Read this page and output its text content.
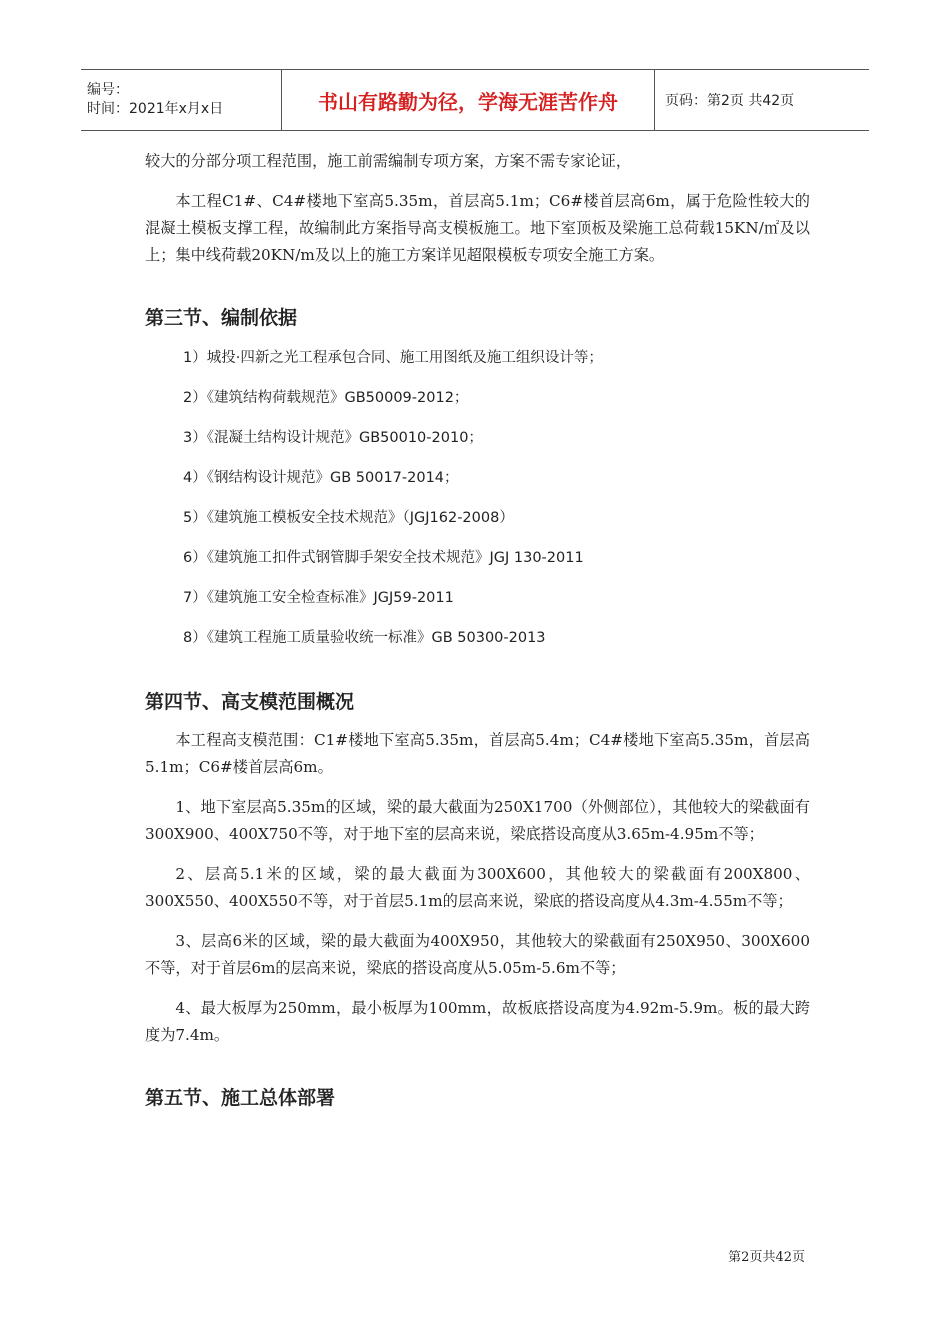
编号：
时间：2021年x月x日	书山有路勤为径，学海无涯苦作舟	页码：第2页 共42页

较大的分部分项工程范围，施工前需编制专项方案，方案不需专家论证，

本工程C1#、C4#楼地下室高5.35m，首层高5.1m；C6#楼首层高6m，属于危险性较大的混凝土模板支撑工程，故编制此方案指导高支模板施工。地下室顶板及梁施工总荷载15KN/㎡及以上；集中线荷载20KN/m及以上的施工方案详见超限模板专项安全施工方案。

第三节、编制依据

1）城投·四新之光工程承包合同、施工用图纸及施工组织设计等；

2）《建筑结构荷载规范》GB50009-2012；

3）《混凝土结构设计规范》GB50010-2010；

4）《钢结构设计规范》GB 50017-2014；

5）《建筑施工模板安全技术规范》（JGJ162-2008）

6）《建筑施工扣件式钢管脚手架安全技术规范》JGJ 130-2011

7）《建筑施工安全检查标准》JGJ59-2011

8）《建筑工程施工质量验收统一标准》GB 50300-2013

第四节、高支模范围概况

本工程高支模范围：C1#楼地下室高5.35m，首层高5.4m；C4#楼地下室高5.35m，首层高5.1m；C6#楼首层高6m。

1、地下室层高5.35m的区域，梁的最大截面为250X1700（外侧部位），其他较大的梁截面有300X900、400X750不等，对于地下室的层高来说，梁底搭设高度从3.65m-4.95m不等；

2、层高5.1米的区域，梁的最大截面为300X600，其他较大的梁截面有200X800、300X550、400X550不等，对于首层5.1m的层高来说，梁底的搭设高度从4.3m-4.55m不等；

3、层高6米的区域，梁的最大截面为400X950，其他较大的梁截面有250X950、300X600不等，对于首层6m的层高来说，梁底的搭设高度从5.05m-5.6m不等；

4、最大板厚为250mm，最小板厚为100mm，故板底搭设高度为4.92m-5.9m。板的最大跨度为7.4m。

第五节、施工总体部署
第2页共42页
